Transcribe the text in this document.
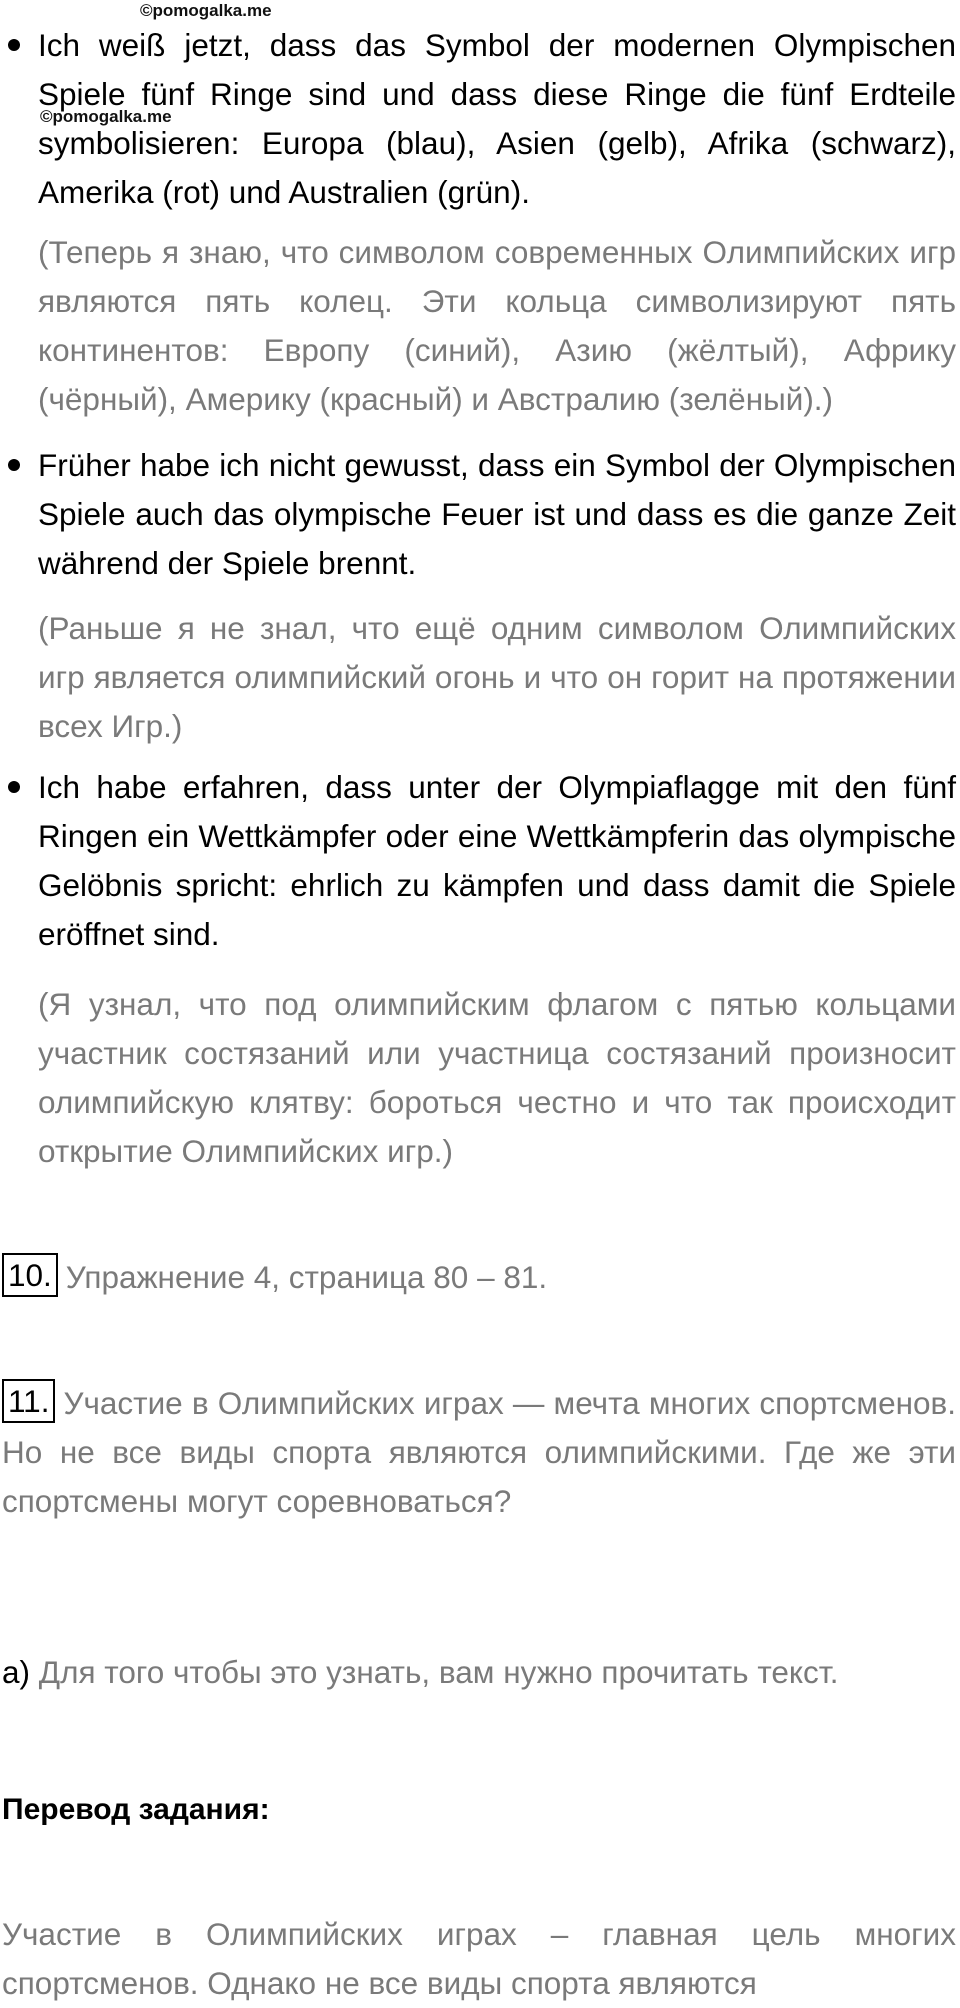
©pomogalka.me
Ich weiß jetzt, dass das Symbol der modernen Olympischen Spiele fünf Ringe sind und dass diese Ringe die fünf Erdteile symbolisieren: Europa (blau), Asien (gelb), Afrika (schwarz), Amerika (rot) und Australien (grün).
©pomogalka.me
(Теперь я знаю, что символом современных Олимпийских игр являются пять колец. Эти кольца символизируют пять континентов: Европу (синий), Азию (жёлтый), Африку (чёрный), Америку (красный) и Австралию (зелёный).)
Früher habe ich nicht gewusst, dass ein Symbol der Olympischen Spiele auch das olympische Feuer ist und dass es die ganze Zeit während der Spiele brennt.
(Раньше я не знал, что ещё одним символом Олимпийских игр является олимпийский огонь и что он горит на протяжении всех Игр.)
Ich habe erfahren, dass unter der Olympiaflagge mit den fünf Ringen ein Wettkämpfer oder eine Wettkämpferin das olympische Gelöbnis spricht: ehrlich zu kämpfen und dass damit die Spiele eröffnet sind.
(Я узнал, что под олимпийским флагом с пятью кольцами участник состязаний или участница состязаний произносит олимпийскую клятву: бороться честно и что так происходит открытие Олимпийских игр.)
10. Упражнение 4, страница 80 – 81.
11. Участие в Олимпийских играх — мечта многих спортсменов. Но не все виды спорта являются олимпийскими. Где же эти спортсмены могут соревноваться?
а) Для того чтобы это узнать, вам нужно прочитать текст.
Перевод задания:
Участие в Олимпийских играх – главная цель многих спортсменов. Однако не все виды спорта являются
